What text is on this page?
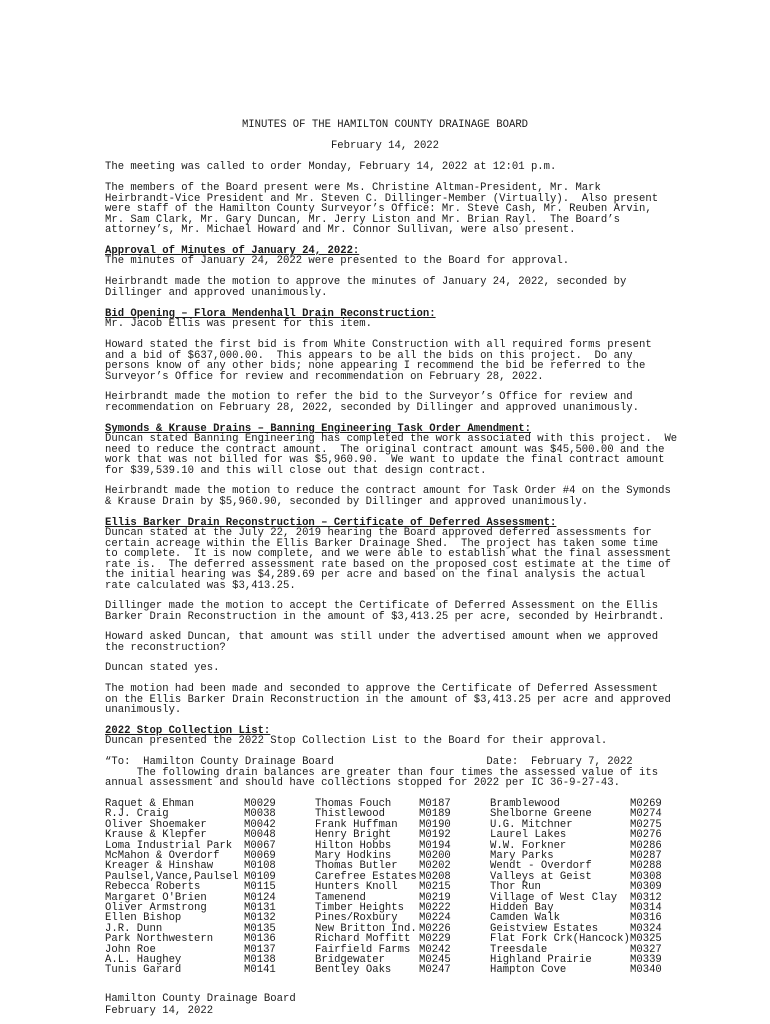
MINUTES OF THE HAMILTON COUNTY DRAINAGE BOARD
February 14, 2022
The meeting was called to order Monday, February 14, 2022 at 12:01 p.m.
The members of the Board present were Ms. Christine Altman-President, Mr. Mark
Heirbrandt-Vice President and Mr. Steven C. Dillinger-Member (Virtually).  Also present
were staff of the Hamilton County Surveyor’s Office: Mr. Steve Cash, Mr. Reuben Arvin,
Mr. Sam Clark, Mr. Gary Duncan, Mr. Jerry Liston and Mr. Brian Rayl.  The Board’s
attorney’s, Mr. Michael Howard and Mr. Connor Sullivan, were also present.
Approval of Minutes of January 24, 2022:
The minutes of January 24, 2022 were presented to the Board for approval.
Heirbrandt made the motion to approve the minutes of January 24, 2022, seconded by
Dillinger and approved unanimously.
Bid Opening – Flora Mendenhall Drain Reconstruction:
Mr. Jacob Ellis was present for this item.
Howard stated the first bid is from White Construction with all required forms present
and a bid of $637,000.00.  This appears to be all the bids on this project.  Do any
persons know of any other bids; none appearing I recommend the bid be referred to the
Surveyor’s Office for review and recommendation on February 28, 2022.
Heirbrandt made the motion to refer the bid to the Surveyor’s Office for review and
recommendation on February 28, 2022, seconded by Dillinger and approved unanimously.
Symonds & Krause Drains – Banning Engineering Task Order Amendment:
Duncan stated Banning Engineering has completed the work associated with this project.  We
need to reduce the contract amount.  The original contract amount was $45,500.00 and the
work that was not billed for was $5,960.90.  We want to update the final contract amount
for $39,539.10 and this will close out that design contract.
Heirbrandt made the motion to reduce the contract amount for Task Order #4 on the Symonds
& Krause Drain by $5,960.90, seconded by Dillinger and approved unanimously.
Ellis Barker Drain Reconstruction – Certificate of Deferred Assessment:
Duncan stated at the July 22, 2019 hearing the Board approved deferred assessments for
certain acreage within the Ellis Barker Drainage Shed.  The project has taken some time
to complete.  It is now complete, and we were able to establish what the final assessment
rate is.  The deferred assessment rate based on the proposed cost estimate at the time of
the initial hearing was $4,289.69 per acre and based on the final analysis the actual
rate calculated was $3,413.25.
Dillinger made the motion to accept the Certificate of Deferred Assessment on the Ellis
Barker Drain Reconstruction in the amount of $3,413.25 per acre, seconded by Heirbrandt.
Howard asked Duncan, that amount was still under the advertised amount when we approved
the reconstruction?
Duncan stated yes.
The motion had been made and seconded to approve the Certificate of Deferred Assessment
on the Ellis Barker Drain Reconstruction in the amount of $3,413.25 per acre and approved
unanimously.
2022 Stop Collection List:
Duncan presented the 2022 Stop Collection List to the Board for their approval.
“To:  Hamilton County Drainage Board                        Date:  February 7, 2022
The following drain balances are greater than four times the assessed value of its
annual assessment and should have collections stopped for 2022 per IC 36-9-27-43.
Raquet & Ehman	M0029	Thomas Fouch	M0187	Bramblewood	M0269
R.J. Craig	M0038	Thistlewood	M0189	Shelborne Greene	M0274
Oliver Shoemaker	M0042	Frank Huffman M0190	U.G. Mitchner	M0275
Krause & Klepfer	M0048	Henry Bright	M0192	Laurel Lakes	M0276
Loma Industrial Park M0067	Hilton Hobbs	M0194	W.W. Forkner	M0286
McMahon & Overdorf M0069	Mary Hodkins	M0200	Mary Parks	M0287
Kreager & Hinshaw	M0108	Thomas Butler M0202	Wendt - Overdorf	M0288
Paulsel,Vance,Paulsel M0109	Carefree Estates M0208	Valleys at Geist	M0308
Rebecca Roberts	M0115	Hunters Knoll M0215	Thor Run	M0309
Margaret O'Brien	M0124	Tamenend	M0219	Village of West Clay M0312
Oliver Armstrong	M0131	Timber Heights M0222	Hidden Bay	M0314
Ellen Bishop	M0132	Pines/Roxbury M0224	Camden Walk	M0316
J.R. Dunn	M0135	New Britton Ind. M0226	Geistview Estates	M0324
Park Northwestern	M0136	Richard Moffitt M0229	Flat Fork Crk(Hancock) M0325
John Roe	M0137	Fairfield Farms M0242	Treesdale	M0327
A.L. Haughey	M0138	Bridgewater	M0245	Highland Prairie	M0339
Tunis Garard	M0141	Bentley Oaks	M0247	Hampton Cove	M0340
Hamilton County Drainage Board
February 14, 2022
